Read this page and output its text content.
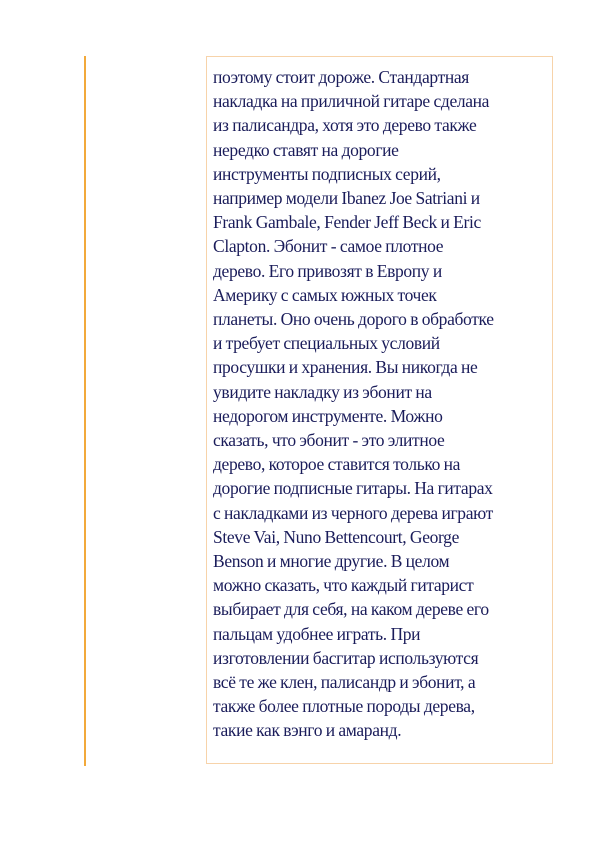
поэтому стоит дороже. Стандартная
накладка на приличной гитаре сделана
из палисандра, хотя это дерево также
нередко ставят на дорогие
инструменты подписных серий,
например модели Ibanez Joe Satriani и
Frank Gambale, Fender Jeff Beck и Eric
Clapton. Эбонит - самое плотное
дерево. Его привозят в Европу и
Америку с самых южных точек
планеты. Оно очень дорого в обработке
и требует специальных условий
просушки и хранения. Вы никогда не
увидите накладку из эбонит на
недорогом инструменте. Можно
сказать, что эбонит - это элитное
дерево, которое ставится только на
дорогие подписные гитары. На гитарах
с накладками из черного дерева играют
Steve Vai, Nuno Bettencourt, George
Benson и многие другие. В целом
можно сказать, что каждый гитарист
выбирает для себя, на каком дереве его
пальцам удобнее играть. При
изготовлении басгитар используются
всё те же клен, палисандр и эбонит, а
также более плотные породы дерева,
такие как вэнго и амаранд.
